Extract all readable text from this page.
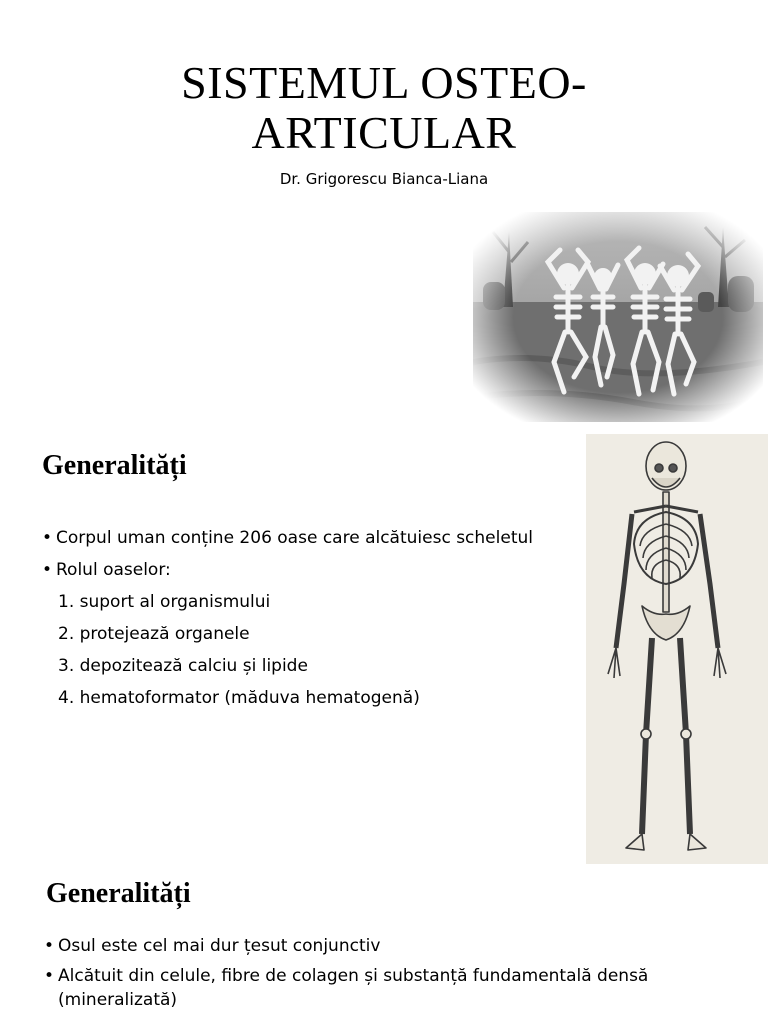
SISTEMUL OSTEO-
ARTICULAR
Dr. Grigorescu Bianca-Liana
Generalități
• Corpul uman conține 206 oase care alcătuiesc scheletul
• Rolul oaselor:
1. suport al organismului
2. protejează organele
3. depozitează calciu și lipide
4. hematoformator (măduva hematogenă)
Generalități
• Osul este cel mai dur țesut conjunctiv
• Alcătuit din celule, fibre de colagen și substanță fundamentală densă (mineralizată)
